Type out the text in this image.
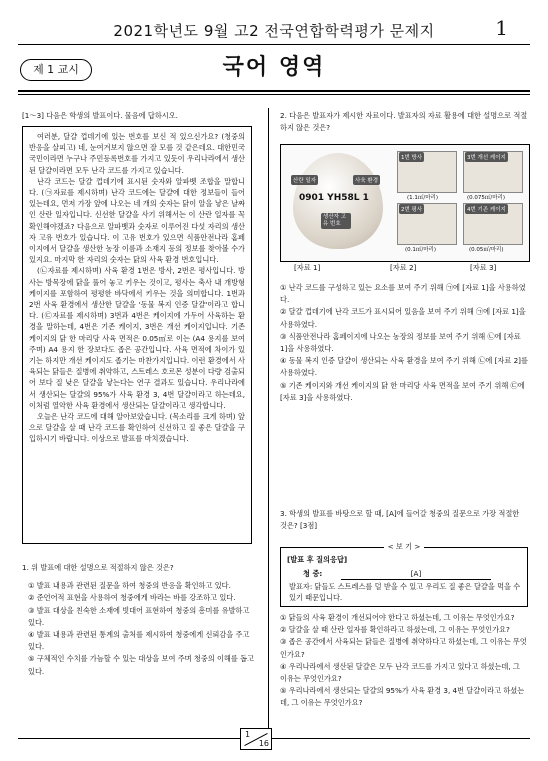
2021학년도 9월 고2 전국연합학력평가 문제지	1
제 1 교시	국어 영역
[1～3] 다음은 학생의 발표이다. 물음에 답하시오.

여러분, 달걀 껍데기에 있는 번호를 보신 적 있으신가요? (청중의 반응을 살피고) 네, 눈여겨보지 않으면 잘 모를 것 같은데요. 대한민국 국민이라면 누구나 주민등록번호를 가지고 있듯이 우리나라에서 생산된 달걀이라면 모두 난각 코드를 가지고 있습니다.

난각 코드는 달걀 껍데기에 표시된 숫자와 알파벳 조합을 말합니다. (㉠자료를 제시하며) 난각 코드에는 달걀에 대한 정보들이 들어 있는데요, 먼저 가장 앞에 나오는 네 개의 숫자는 닭이 알을 낳은 날짜인 산란 일자입니다. 신선한 달걀을 사기 위해서는 이 산란 일자를 꼭 확인해야겠죠? 다음으로 알파벳과 숫자로 이루어진 다섯 자리의 생산자 고유 번호가 있습니다. 이 고유 번호가 있으면 식품안전나라 홈페이지에서 달걀을 생산한 농장 이름과 소재지 등의 정보를 찾아볼 수가 있지요. 마지막 한 자리의 숫자는 닭의 사육 환경 번호입니다.

(㉡자료를 제시하며) 사육 환경 1번은 방사, 2번은 평사입니다. 방사는 방목장에 닭을 풀어 놓고 키우는 것이고, 평사는 축사 내 개방형 케이지를 포함하여 평평한 바닥에서 키우는 것을 의미합니다. 1번과 2번 사육 환경에서 생산한 달걀을 '동물 복지 인증 달걀'이라고 합니다. (㉢자료를 제시하며) 3번과 4번은 케이지에 가두어 사육하는 환경을 말하는데, 4번은 기존 케이지, 3번은 개선 케이지입니다. 기존 케이지의 닭 한 마리당 사육 면적은 0.05㎡로 이는 (A4 용지를 보여 주며) A4 용지 한 장보다도 좁은 공간입니다. 사육 면적에 차이가 있기는 하지만 개선 케이지도 좁기는 마찬가지입니다. 이런 환경에서 사육되는 닭들은 질병에 취약하고, 스트레스 호르몬 성분이 다량 검출되어 보다 질 낮은 달걀을 낳는다는 연구 결과도 있습니다. 우리나라에서 생산되는 달걀의 95%가 사육 환경 3, 4번 달걀이라고 하는데요, 이처럼 열악한 사육 환경에서 생산되는 달걀이라고 생각합니다.

오늘은 난각 코드에 대해 알아보았습니다. (목소리를 크게 하며) 앞으로 달걀을 살 때 난각 코드를 확인하여 신선하고 질 좋은 달걀을 구입하시기 바랍니다. 이상으로 발표를 마치겠습니다.

1. 위 발표에 대한 설명으로 적절하지 않은 것은?

① 발표 내용과 관련된 질문을 하여 청중의 반응을 확인하고 있다.
② 준언어적 표현을 사용하여 청중에게 바라는 바를 강조하고 있다.
③ 발표 대상을 친숙한 소재에 빗대어 표현하여 청중의 흥미를 유발하고 있다.
④ 발표 내용과 관련된 통계의 출처를 제시하여 청중에게 신뢰감을 주고 있다.
⑤ 구체적인 수치를 가늠할 수 있는 대상을 보여 주며 청중의 이해를 돕고 있다.
2. 다음은 발표자가 제시한 자료이다. 발표자의 자료 활용에 대한 설명으로 적절하지 않은 것은?
0901 YH58L 1
산란 일자
생산자 고유 번호
사육 환경
1번 방사
(1.1㎡/마리)
3번 개선 케이지
(0.075㎡/마리)
2번 평사
(0.1㎡/마리)
4번 기존 케이지
(0.05㎡/마리)
[자료 1]	[자료 2]	[자료 3]
① 난각 코드를 구성하고 있는 요소를 보여 주기 위해 ㉠에 [자료 1]을 사용하였다.
② 달걀 껍데기에 난각 코드가 표시되어 있음을 보여 주기 위해 ㉠에 [자료 1]을 사용하였다.
③ 식품안전나라 홈페이지에 나오는 농장의 정보를 보여 주기 위해 ㉡에 [자료 1]을 사용하였다.
④ 동물 복지 인증 달걀이 생산되는 사육 환경을 보여 주기 위해 ㉡에 [자료 2]를 사용하였다.
⑤ 기존 케이지와 개선 케이지의 닭 한 마리당 사육 면적을 보여 주기 위해 ㉢에 [자료 3]을 사용하였다.
3. 학생의 발표를 바탕으로 할 때, [A]에 들어갈 청중의 질문으로 가장 적절한 것은? [3점]
< 보 기 >
[발표 후 질의응답]
청 중:	[A]
발표자: 닭들도 스트레스를 덜 받을 수 있고 우리도 질 좋은 달걀을 먹을 수 있기 때문입니다.
① 닭들의 사육 환경이 개선되어야 한다고 하셨는데, 그 이유는 무엇인가요?
② 달걀을 살 때 산란 일자를 확인하라고 하셨는데, 그 이유는 무엇인가요?
③ 좁은 공간에서 사육되는 닭들은 질병에 취약하다고 하셨는데, 그 이유는 무엇인가요?
④ 우리나라에서 생산된 달걀은 모두 난각 코드를 가지고 있다고 하셨는데, 그 이유는 무엇인가요?
⑤ 우리나라에서 생산되는 달걀의 95%가 사육 환경 3, 4번 달걀이라고 하셨는데, 그 이유는 무엇인가요?
1
16
